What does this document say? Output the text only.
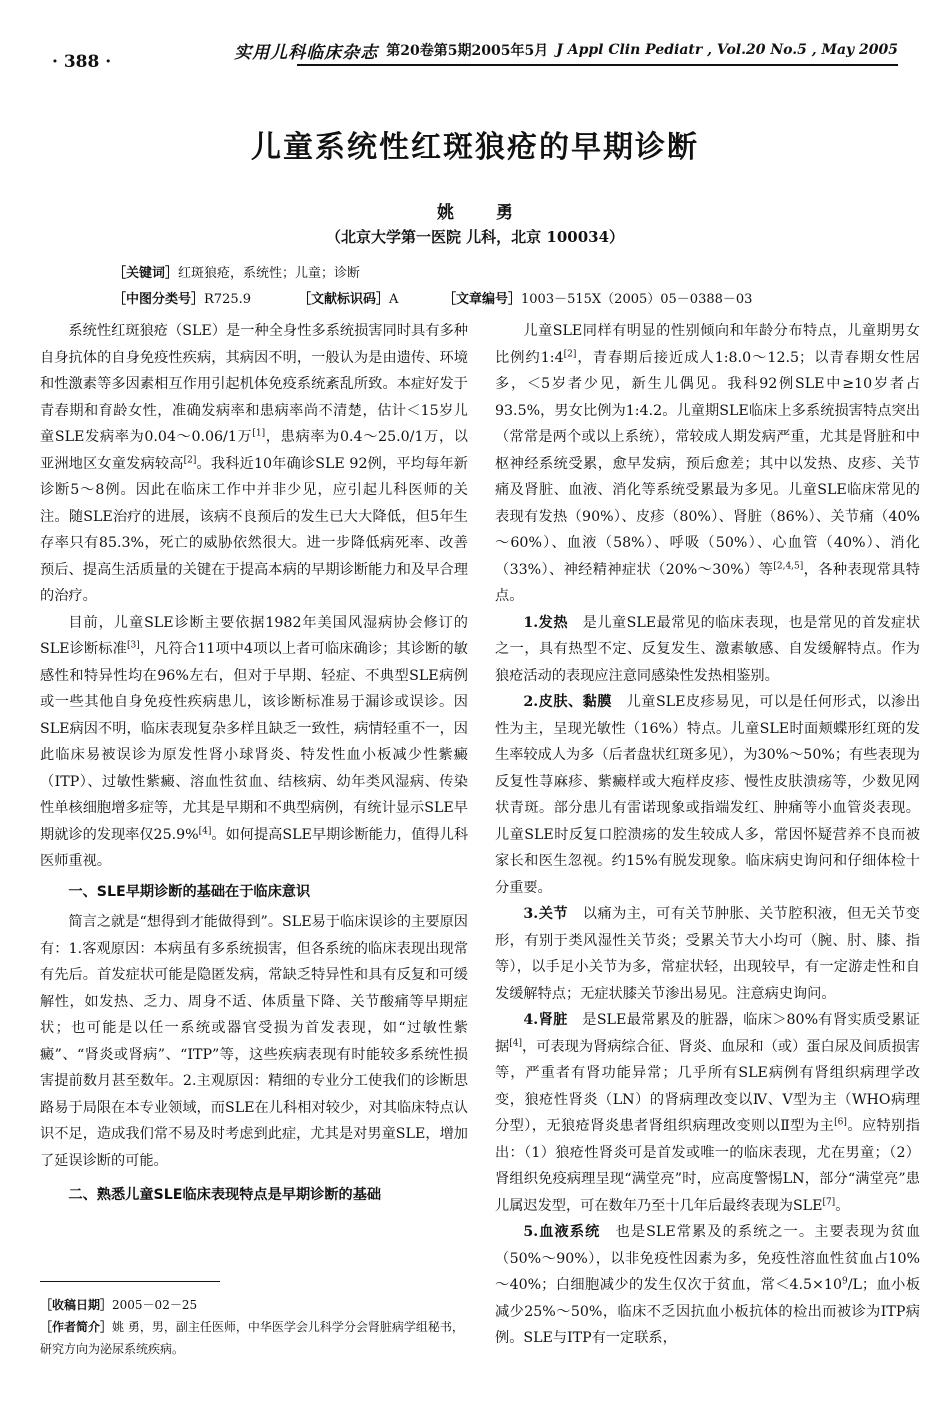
· 388 ·	实用儿科临床杂志 第20卷第5期2005年5月 J Appl Clin Pediatr , Vol.20 No.5 , May 2005
儿童系统性红斑狼疮的早期诊断
姚 勇
（北京大学第一医院 儿科，北京 100034）
［关键词］红斑狼疮，系统性；儿童；诊断
［中图分类号］R725.9	［文献标识码］A	［文章编号］1003－515X（2005）05－0388－03

系统性红斑狼疮（SLE）是一种全身性多系统损害同时具有多种自身抗体的自身免疫性疾病，其病因不明，一般认为是由遗传、环境和性激素等多因素相互作用引起机体免疫系统紊乱所致。本症好发于青春期和育龄女性，准确发病率和患病率尚不清楚，估计＜15岁儿童SLE发病率为0.04～0.06/1万[1]，患病率为0.4～25.0/1万，以亚洲地区女童发病较高[2]。我科近10年确诊SLE 92例，平均每年新诊断5～8例。因此在临床工作中并非少见，应引起儿科医师的关注。随SLE治疗的进展，该病不良预后的发生已大大降低，但5年生存率只有85.3%，死亡的威胁依然很大。进一步降低病死率、改善预后、提高生活质量的关键在于提高本病的早期诊断能力和及早合理的治疗。

目前，儿童SLE诊断主要依据1982年美国风湿病协会修订的SLE诊断标准[3]，凡符合11项中4项以上者可临床确诊；其诊断的敏感性和特异性均在96%左右，但对于早期、轻症、不典型SLE病例或一些其他自身免疫性疾病患儿，该诊断标准易于漏诊或误诊。因SLE病因不明，临床表现复杂多样且缺乏一致性，病情轻重不一，因此临床易被误诊为原发性肾小球肾炎、特发性血小板减少性紫癜（ITP）、过敏性紫癜、溶血性贫血、结核病、幼年类风湿病、传染性单核细胞增多症等，尤其是早期和不典型病例，有统计显示SLE早期就诊的发现率仅25.9%[4]。如何提高SLE早期诊断能力，值得儿科医师重视。

一、SLE早期诊断的基础在于临床意识

简言之就是“想得到才能做得到”。SLE易于临床误诊的主要原因有：1.客观原因：本病虽有多系统损害，但各系统的临床表现出现常有先后。首发症状可能是隐匿发病，常缺乏特异性和具有反复和可缓解性，如发热、乏力、周身不适、体质量下降、关节酸痛等早期症状；也可能是以任一系统或器官受损为首发表现，如“过敏性紫癜”、“肾炎或肾病”、“ITP”等，这些疾病表现有时能较多系统性损害提前数月甚至数年。2.主观原因：精细的专业分工使我们的诊断思路易于局限在本专业领域，而SLE在儿科相对较少，对其临床特点认识不足，造成我们常不易及时考虑到此症，尤其是对男童SLE，增加了延误诊断的可能。

二、熟悉儿童SLE临床表现特点是早期诊断的基础

［收稿日期］2005－02－25

［作者简介］姚 勇，男，副主任医师，中华医学会儿科学分会肾脏病学组秘书，研究方向为泌尿系统疾病。

儿童SLE同样有明显的性别倾向和年龄分布特点，儿童期男女比例约1:4[2]，青春期后接近成人1:8.0～12.5；以青春期女性居多，＜5岁者少见，新生儿偶见。我科92例SLE中≥10岁者占93.5%，男女比例为1:4.2。儿童期SLE临床上多系统损害特点突出（常常是两个或以上系统），常较成人期发病严重，尤其是肾脏和中枢神经系统受累，愈早发病，预后愈差；其中以发热、皮疹、关节痛及肾脏、血液、消化等系统受累最为多见。儿童SLE临床常见的表现有发热（90%）、皮疹（80%）、肾脏（86%）、关节痛（40%～60%）、血液（58%）、呼吸（50%）、心血管（40%）、消化（33%）、神经精神症状（20%～30%）等[2,4,5]，各种表现常具特点。

1.发热　是儿童SLE最常见的临床表现，也是常见的首发症状之一，具有热型不定、反复发生、激素敏感、自发缓解特点。作为狼疮活动的表现应注意同感染性发热相鉴别。

2.皮肤、黏膜　儿童SLE皮疹易见，可以是任何形式，以渗出性为主，呈现光敏性（16%）特点。儿童SLE时面颊蝶形红斑的发生率较成人为多（后者盘状红斑多见），为30%～50%；有些表现为反复性荨麻疹、紫癜样或大疱样皮疹、慢性皮肤溃疡等，少数见网状青斑。部分患儿有雷诺现象或指端发红、肿痛等小血管炎表现。儿童SLE时反复口腔溃疡的发生较成人多，常因怀疑营养不良而被家长和医生忽视。约15%有脱发现象。临床病史询问和仔细体检十分重要。

3.关节　以痛为主，可有关节肿胀、关节腔积液，但无关节变形，有别于类风湿性关节炎；受累关节大小均可（腕、肘、膝、指等），以手足小关节为多，常症状轻，出现较早，有一定游走性和自发缓解特点；无症状膝关节渗出易见。注意病史询问。

4.肾脏　是SLE最常累及的脏器，临床＞80%有肾实质受累证据[4]，可表现为肾病综合征、肾炎、血尿和（或）蛋白尿及间质损害等，严重者有肾功能异常；几乎所有SLE病例有肾组织病理学改变，狼疮性肾炎（LN）的肾病理改变以Ⅳ、Ⅴ型为主（WHO病理分型），无狼疮肾炎患者肾组织病理改变则以Ⅱ型为主[6]。应特别指出：（1）狼疮性肾炎可是首发或唯一的临床表现，尤在男童；（2）肾组织免疫病理呈现“满堂亮”时，应高度警惕LN，部分“满堂亮”患儿属迟发型，可在数年乃至十几年后最终表现为SLE[7]。

5.血液系统　也是SLE常累及的系统之一。主要表现为贫血（50%～90%），以非免疫性因素为多，免疫性溶血性贫血占10%～40%；白细胞减少的发生仅次于贫血，常$<4.5\times 10^9/L$；血小板减少25%～50%，临床不乏因抗血小板抗体的检出而被诊为ITP病例。SLE与ITP有一定联系，
